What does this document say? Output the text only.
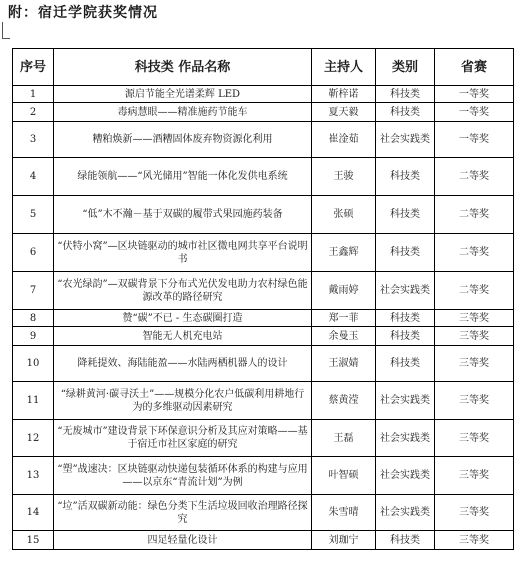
附：宿迁学院获奖情况
序号	科技类 作品名称	主持人	类别	省赛
1	源启节能全光谱柔辉 LED	靳梓诺	科技类	一等奖
2	毒病慧眼——精准施药节能车	夏天毅	科技类	一等奖
3	糟粕焕新——酒糟固体废弃物资源化利用	崔淦茹	社会实践类	一等奖
4	绿能领航——“风光储用”智能一体化发供电系统	王骏	科技类	二等奖
5	“低”木不瀚－基于双碳的履带式果园施药装备	张硕	科技类	二等奖
6	“伏特小窝”—区块链驱动的城市社区微电网共享平台说明书	王鑫辉	科技类	二等奖
7	“农光绿韵”—双碳背景下分布式光伏发电助力农村绿色能源改革的路径研究	戴雨婷	社会实践类	二等奖
8	赞“碳”不已 - 生态碳圈打造	郑一菲	科技类	三等奖
9	智能无人机充电站	余曼玉	科技类	三等奖
10	降耗提效、海陆能盈——水陆两栖机器人的设计	王淑婧	科技类	三等奖
11	“绿耕黄河·碳寻沃土”——规模分化农户低碳利用耕地行为的多维驱动因素研究	蔡黄滢	社会实践类	三等奖
12	“无废城市”建设背景下环保意识分析及其应对策略——基于宿迁市社区家庭的研究	王磊	社会实践类	三等奖
13	“塑”战速决：区块链驱动快递包装循环体系的构建与应用——以京东“青流计划”为例	叶智硕	社会实践类	三等奖
14	“垃”活双碳新动能：绿色分类下生活垃圾回收治理路径探究	朱雪晴	社会实践类	三等奖
15	四足轻量化设计	刘珈宁	科技类	三等奖
